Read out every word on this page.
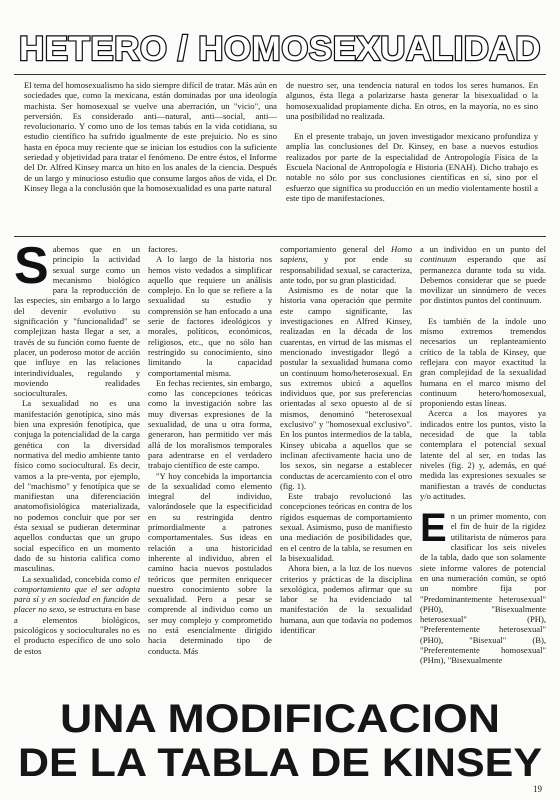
HETERO / HOMOSEXUALIDAD

El tema del homosexualismo ha sido siempre difícil de tratar. Más aún en sociedades que, como la mexicana, están dominadas por una ideología machista. Ser homosexual se vuelve una aberración, un "vicio", una perversión. Es considerado anti—natural, anti—social, anti—revolucionario. Y como uno de los temas tabús en la vida cotidiana, su estudio científico ha sufrido igualmente de este prejuicio. No es sino hasta en época muy reciente que se inician los estudios con la suficiente seriedad y objetividad para tratar el fenómeno. De entre éstos, el Informe del Dr. Alfred Kinsey marca un hito en los anales de la ciencia. Después de un largo y minucioso estudio que consume largos años de vida, el Dr. Kinsey llega a la conclusión que la homosexualidad es una parte natural

de nuestro ser, una tendencia natural en todos los seres humanos. En algunos, ésta llega a polarizarse hasta generar la bisexualidad o la homosexualidad propiamente dicha. En otros, en la mayoría, no es sino una posibilidad no realizada.

En el presente trabajo, un joven investigador mexicano profundiza y amplía las conclusiones del Dr. Kinsey, en base a nuevos estudios realizados por parte de la especialidad de Antropología Física de la Escuela Nacional de Antropología e Historia (ENAH). Dicho trabajo es notable no sólo por sus conclusiones científicas en sí, sino por el esfuerzo que significa su producción en un medio violentamente hostil a este tipo de manifestaciones.

S abemos que en un principio la actividad sexual surge como un mecanismo biológico para la reproducción de las especies, sin embargo a lo largo del devenir evolutivo su significación y "funcionalidad" se complejizan hasta llegar a ser, a través de su función como fuente de placer, un poderoso motor de acción que influye en las relaciones interindividuales, regulando y moviendo realidades socioculturales.

La sexualidad no es una manifestación genotípica, sino más bien una expresión fenotípica, que conjuga la potencialidad de la carga genética con la diversidad normativa del medio ambiente tanto físico como sociocultural. Es decir, vamos a la pre-venta, por ejemplo, del "machismo" y fenotípica que se manifiestan una diferenciación anatomofisiológica materializada, no podemos concluir que por ser ésta sexual se pudieran determinar aquellos conductas que un grupo social específico en un momento dado de su historia califica como masculinas.

La sexualidad, concebida como el comportamiento que el ser adopta para sí y en sociedad en función de placer no sexo, se estructura en base a elementos biológicos, psicológicos y socioculturales no es el producto específico de uno solo de estos

factores.

A lo largo de la historia nos hemos visto vedados a simplificar aquello que requiere un análisis complejo. En lo que se refiere a la sexualidad su estudio y comprensión se han enfocado a una serie de factores ideológicos y morales, políticos, económicos, religiosos, etc., que no sólo han restringido su conocimiento, sino limitando la capacidad comportamental misma.

En fechas recientes, sin embargo, como las concepciones teóricas como la investigación sobre las muy diversas expresiones de la sexualidad, de una u otra forma, generaron, han permitido ver más allá de los moralismos temporales para adentrarse en el verdadero trabajo científico de este campo.

"Y hoy concebida la importancia de la sexualidad como elemento integral del individuo, valorándosele que la especificidad en su restringida dentro primordialmente a patrones comportamentales. Sus ideas en relación a una historicidad inherente al individuo, abren el camino hacia nuevos postulados teóricos que permiten enriquecer nuestro conocimiento sobre la sexualidad. Pero a pesar se comprende al individuo como un ser muy complejo y comprometido no está esencialmente dirigido hacia determinado tipo de conducta. Más

comportamiento general del Homo sapiens, y por ende su responsabilidad sexual, se caracteriza, ante todo, por su gran plasticidad.

Asimismo es de notar que la historia vana operación que permite este campo significante, las investigaciones en Alfred Kinsey, realizadas en la década de los cuarentas, en virtud de las mismas el mencionado investigador llegó a postular la sexualidad humana como un continuum homo/heterosexual. En sus extremos ubicó a aquellos individuos que, por sus preferencias orientadas al sexo opuesto al de sí mismos, denominó "heterosexual exclusivo" y "homosexual exclusivo". En los puntos intermedios de la tabla, Kinsey ubicaba a aquellos que se inclinan afectivamente hacia uno de los sexos, sin negarse a establecer conductas de acercamiento con el otro (fig. 1).

Este trabajo revolucionó las concepciones teóricas en contra de los rígidos esquemas de comportamiento sexual. Asimismo, puso de manifiesto una mediación de posibilidades que, en el centro de la tabla, se resumen en la bisexualidad.

Ahora bien, a la luz de los nuevos criterios y prácticas de la disciplina sexológica, podemos afirmar que su labor se ha evidenciado tal manifestación de la sexualidad humana, aun que todavía no podemos identificar

a un individuo en un punto del continuum esperando que así permanezca durante toda su vida. Debemos considerar que se puede movilizar un sinnúmero de veces por distintos puntos del continuum.

Es también de la índole uno mismo extremos tremendos necesarios un replanteamiento crítico de la tabla de Kinsey, que reflejara con mayor exactitud la gran complejidad de la sexualidad humana en el marco mismo del continuum hetero/homosexual, proponiendo estas líneas.

Acerca a los mayores ya indicados entre los puntos, visto la necesidad de que la tabla contemplara el potencial sexual latente del al ser, en todas las niveles (fig. 2) y, además, en qué medida las expresiones sexuales se manifiestan a través de conductas y/o actitudes.

En un primer momento, con el fin de huir de la rigidez utilitarista de números para clasificar los seis niveles de la tabla, dado que son solamente siete informe valores de potencial en una numeración común, se optó un nombre fija por "Predominantemente heterosexual" (PH0), "Bisexualmente heterosexual" (PH), "Preferentemente heterosexual" (PH0), "Bisexual" (B), "Preferentemente homosexual" (PHm), "Bisexualmente

UNA MODIFICACION
DE LA TABLA DE KINSEY
19
